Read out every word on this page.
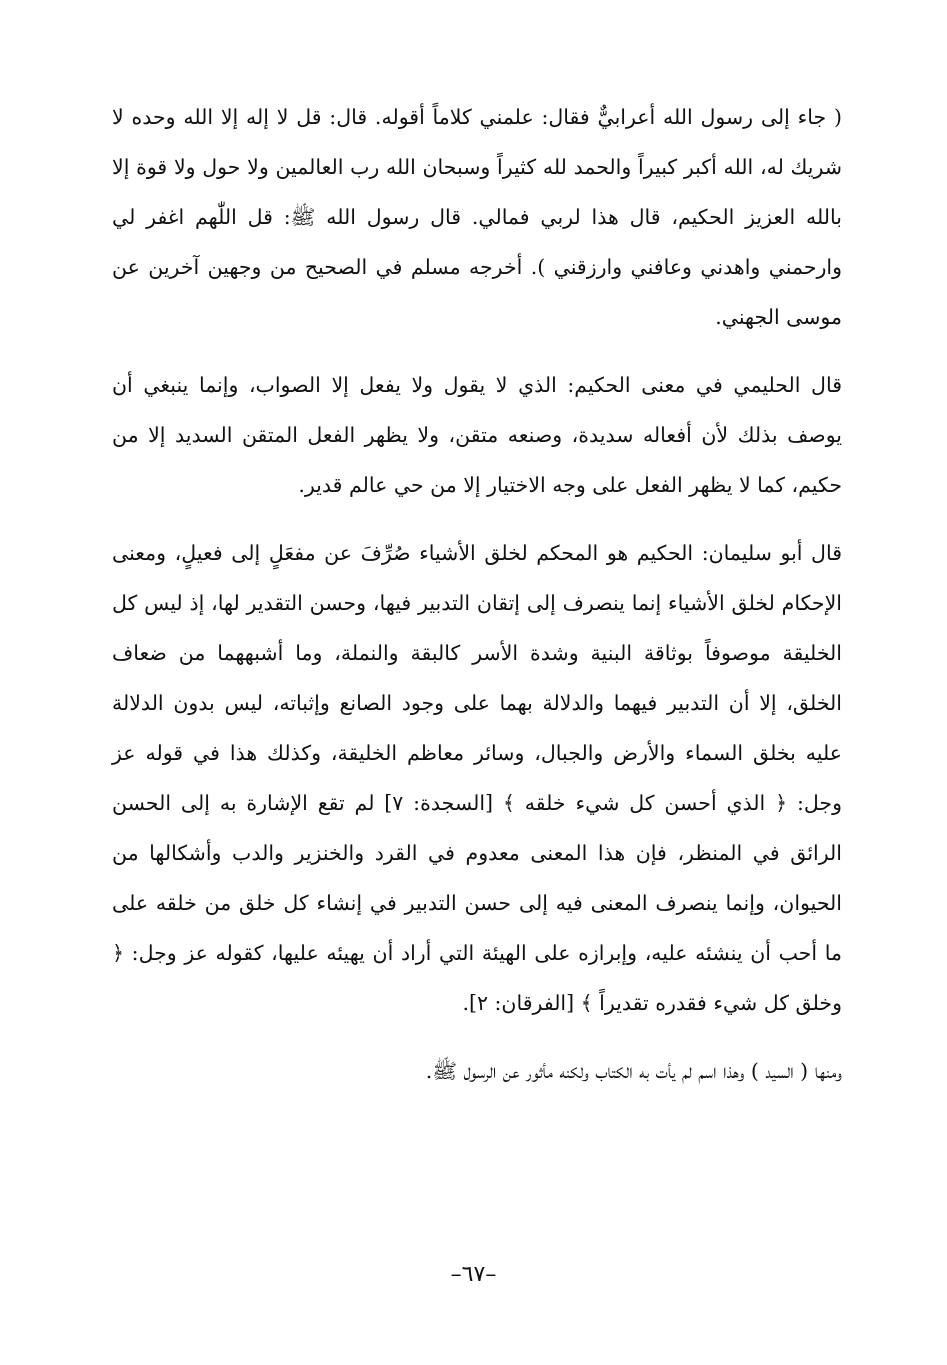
( جاء إلى رسول الله أعرابيٌّ فقال: علمني كلاماً أقوله. قال: قل لا إله إلا الله وحده لا شريك له، الله أكبر كبيراً والحمد لله كثيراً وسبحان الله رب العالمين ولا حول ولا قوة إلا بالله العزيز الحكيم، قال هذا لربي فمالي. قال رسول الله ﷺ: قل اللّٰهم اغفر لي وارحمني واهدني وعافني وارزقني ). أخرجه مسلم في الصحيح من وجهين آخرين عن موسى الجهني.

قال الحليمي في معنى الحكيم: الذي لا يقول ولا يفعل إلا الصواب، وإنما ينبغي أن يوصف بذلك لأن أفعاله سديدة، وصنعه متقن، ولا يظهر الفعل المتقن السديد إلا من حكيم، كما لا يظهر الفعل على وجه الاختيار إلا من حي عالم قدير.

قال أبو سليمان: الحكيم هو المحكم لخلق الأشياء صُرِّفَ عن مفعَلٍ إلى فعيلٍ، ومعنى الإحكام لخلق الأشياء إنما ينصرف إلى إتقان التدبير فيها، وحسن التقدير لها، إذ ليس كل الخليقة موصوفاً بوثاقة البنية وشدة الأسر كالبقة والنملة، وما أشبههما من ضعاف الخلق، إلا أن التدبير فيهما والدلالة بهما على وجود الصانع وإثباته، ليس بدون الدلالة عليه بخلق السماء والأرض والجبال، وسائر معاظم الخليقة، وكذلك هذا في قوله عز وجل: ﴿ الذي أحسن كل شيء خلقه ﴾ [السجدة: ٧] لم تقع الإشارة به إلى الحسن الرائق في المنظر، فإن هذا المعنى معدوم في القرد والخنزير والدب وأشكالها من الحيوان، وإنما ينصرف المعنى فيه إلى حسن التدبير في إنشاء كل خلق من خلقه على ما أحب أن ينشئه عليه، وإبرازه على الهيئة التي أراد أن يهيئه عليها، كقوله عز وجل: ﴿ وخلق كل شيء فقدره تقديراً ﴾ [الفرقان: ٢].

ومنها ( السيد ) وهذا اسم لم يأت به الكتاب ولكنه مأثور عن الرسول ﷺ.

–٦٧–
